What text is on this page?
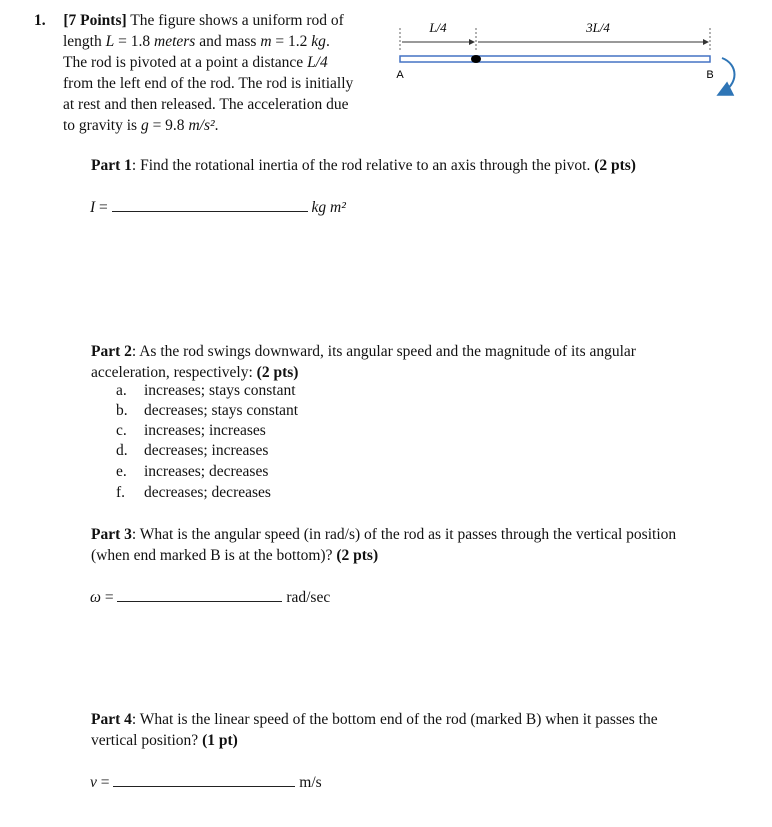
1. [7 Points] The figure shows a uniform rod of
length L = 1.8 meters and mass m = 1.2 kg.
The rod is pivoted at a point a distance L/4
from the left end of the rod. The rod is initially
at rest and then released. The acceleration due
to gravity is g = 9.8 m/s².
L/4	3L/4
A	B
Part 1: Find the rotational inertia of the rod relative to an axis through the pivot. (2 pts)
I =	kg m²
Part 2: As the rod swings downward, its angular speed and the magnitude of its angular
acceleration, respectively: (2 pts)
a. increases; stays constant
b. decreases; stays constant
c. increases; increases
d. decreases; increases
e. increases; decreases
f. decreases; decreases
Part 3: What is the angular speed (in rad/s) of the rod as it passes through the vertical position
(when end marked B is at the bottom)? (2 pts)
ω =	rad/sec
Part 4: What is the linear speed of the bottom end of the rod (marked B) when it passes the
vertical position? (1 pt)
v =	m/s
